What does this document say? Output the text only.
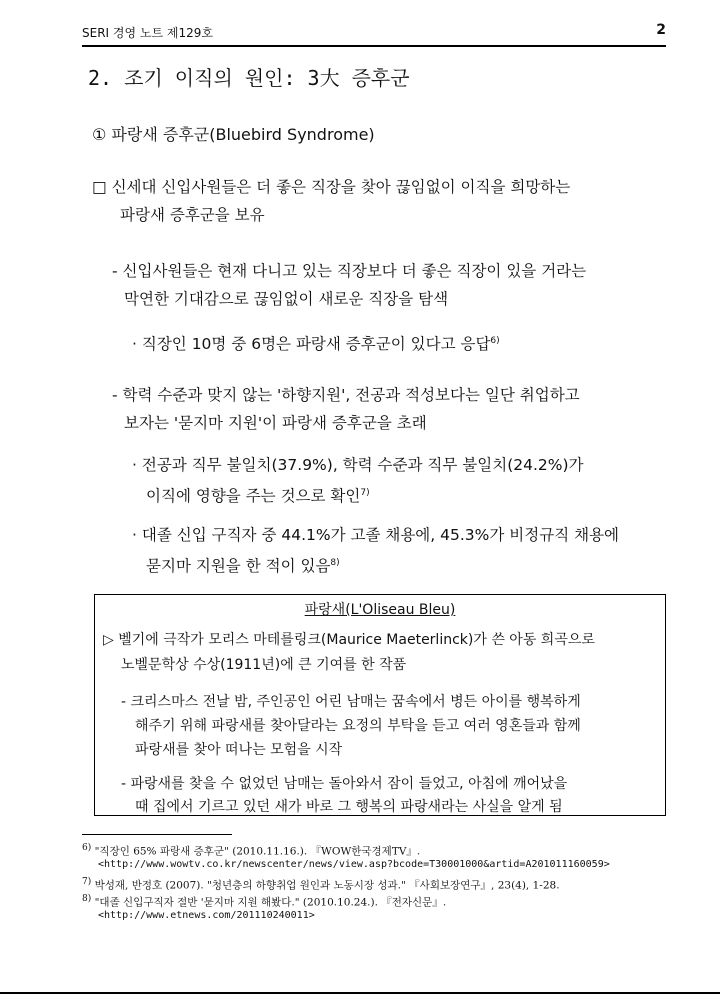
SERI 경영 노트 제129호	2
2. 조기 이직의 원인: 3大 증후군
① 파랑새 증후군(Bluebird Syndrome)
□ 신세대 신입사원들은 더 좋은 직장을 찾아 끊임없이 이직을 희망하는
파랑새 증후군을 보유
- 신입사원들은 현재 다니고 있는 직장보다 더 좋은 직장이 있을 거라는
막연한 기대감으로 끊임없이 새로운 직장을 탐색
· 직장인 10명 중 6명은 파랑새 증후군이 있다고 응답$^{6)}$
- 학력 수준과 맞지 않는 '하향지원', 전공과 적성보다는 일단 취업하고
보자는 '묻지마 지원'이 파랑새 증후군을 초래
· 전공과 직무 불일치(37.9%), 학력 수준과 직무 불일치(24.2%)가
이직에 영향을 주는 것으로 확인$^{7)}$
· 대졸 신입 구직자 중 44.1%가 고졸 채용에, 45.3%가 비정규직 채용에
묻지마 지원을 한 적이 있음$^{8)}$
파랑새(L'Oliseau Bleu)
▷ 벨기에 극작가 모리스 마테를링크(Maurice Maeterlinck)가 쓴 아동 희곡으로
노벨문학상 수상(1911년)에 큰 기여를 한 작품
- 크리스마스 전날 밤, 주인공인 어린 남매는 꿈속에서 병든 아이를 행복하게
해주기 위해 파랑새를 찾아달라는 요정의 부탁을 듣고 여러 영혼들과 함께
파랑새를 찾아 떠나는 모험을 시작
- 파랑새를 찾을 수 없었던 남매는 돌아와서 잠이 들었고, 아침에 깨어났을
때 집에서 기르고 있던 새가 바로 그 행복의 파랑새라는 사실을 알게 됨
6) "직장인 65% 파랑새 증후군" (2010.11.16.). 『WOW한국경제TV』.
<http://www.wowtv.co.kr/newscenter/news/view.asp?bcode=T30001000&artid=A201011160059>
7) 박성재, 반정호 (2007). "청년층의 하향취업 원인과 노동시장 성과." 『사회보장연구』, 23(4), 1-28.
8) "대졸 신입구직자 절반 '묻지마 지원 해봤다." (2010.10.24.). 『전자신문』.
<http://www.etnews.com/201110240011>
